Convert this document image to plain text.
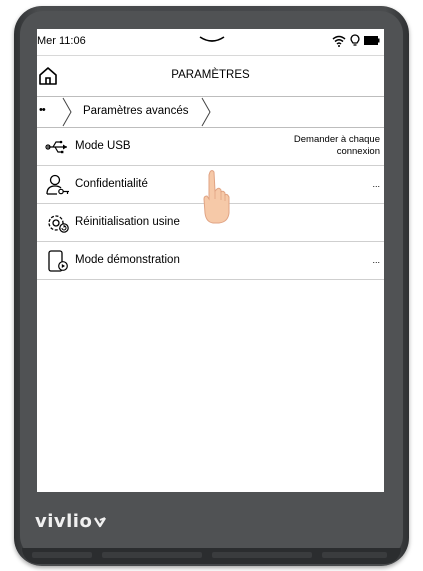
vivlio
Mer 11:06
PARAMÈTRES
••	Paramètres avancés
Mode USB
Demander à chaque
connexion
Confidentialité	...
Réinitialisation usine
Mode démonstration	...
